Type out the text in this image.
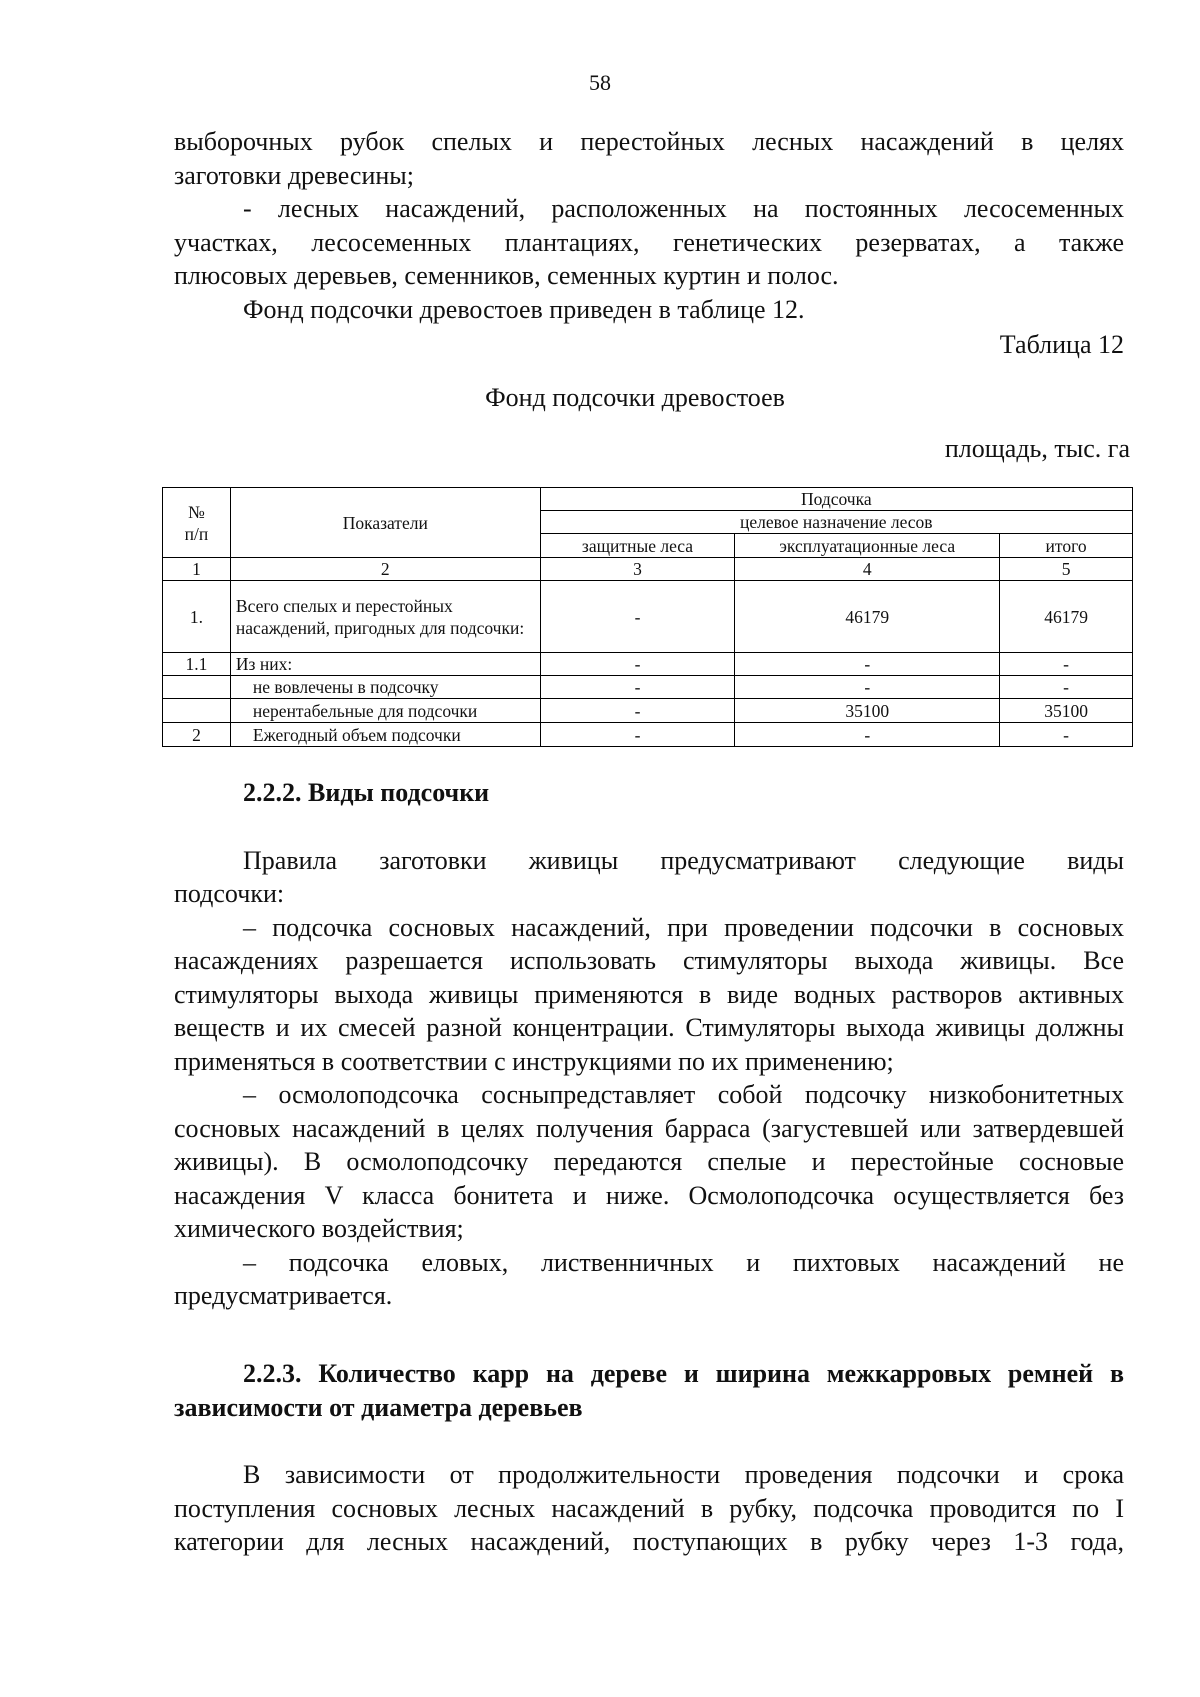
58

выборочных рубок спелых и перестойных лесных насаждений в целях

заготовки древесины;

- лесных насаждений, расположенных на постоянных лесосеменных

участках, лесосеменных плантациях, генетических резерватах, а также

плюсовых деревьев, семенников, семенных куртин и полос.

Фонд подсочки древостоев приведен в таблице 12.

Таблица 12
Фонд подсочки древостоев
площадь, тыс. га
№
п/п	Показатели	Подсочка		
		целевое назначение лесов		
		защитные леса	эксплуатационные леса	итого
1	2	3	4	5
1.	Всего спелых и перестойных насаждений, пригодных для подсочки:	-	46179	46179
1.1	Из них:	-	-	-
	не вовлечены в подсочку	-	-	-
	нерентабельные для подсочки	-	35100	35100
2	Ежегодный объем подсочки	-	-	-
2.2.2. Виды подсочки

Правила заготовки живицы предусматривают следующие виды

подсочки:

– подсочка сосновых насаждений, при проведении подсочки в сосновых насаждениях разрешается использовать стимуляторы выхода живицы. Все стимуляторы выхода живицы применяются в виде водных растворов активных веществ и их смесей разной концентрации. Стимуляторы выхода живицы должны применяться в соответствии с инструкциями по их применению;

– осмолоподсочка сосныпредставляет собой подсочку низкобонитетных сосновых насаждений в целях получения барраса (загустевшей или затвердевшей живицы). В осмолоподсочку передаются спелые и перестойные сосновые насаждения V класса бонитета и ниже. Осмолоподсочка осуществляется без химического воздействия;

– подсочка еловых, лиственничных и пихтовых насаждений не предусматривается.

2.2.3. Количество карр на дереве и ширина межкарровых ремней в зависимости от диаметра деревьев

В зависимости от продолжительности проведения подсочки и срока поступления сосновых лесных насаждений в рубку, подсочка проводится по I категории для лесных насаждений, поступающих в рубку через 1-3 года,
